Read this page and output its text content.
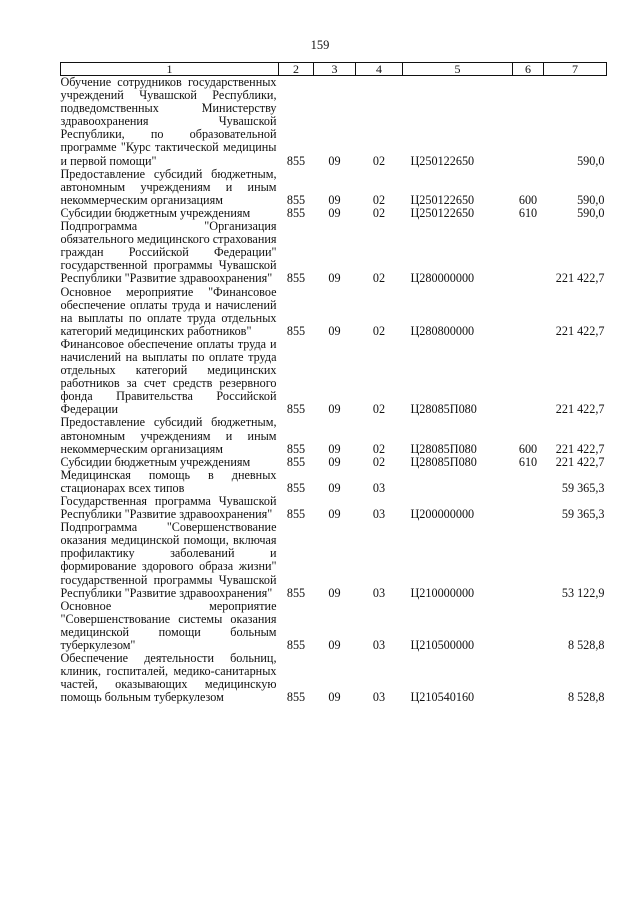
159
1	2	3	4	5	6	7
Обучение сотрудников государственных учреждений Чувашской Республики, подведомственных Министерству здравоохранения Чувашской Республики, по образовательной программе "Курс тактической медицины и первой помощи"	855	09	02	Ц250122650		590,0
Предоставление субсидий бюджетным, автономным учреждениям и иным некоммерческим организациям	855	09	02	Ц250122650	600	590,0
Субсидии бюджетным учреждениям	855	09	02	Ц250122650	610	590,0
Подпрограмма "Организация обязательного медицинского страхования граждан Российской Федерации" государственной программы Чувашской Республики "Развитие здравоохранения"	855	09	02	Ц280000000		221 422,7
Основное мероприятие "Финансовое обеспечение оплаты труда и начислений на выплаты по оплате труда отдельных категорий медицинских работников"	855	09	02	Ц280800000		221 422,7
Финансовое обеспечение оплаты труда и начислений на выплаты по оплате труда отдельных категорий медицинских работников за счет средств резервного фонда Правительства Российской Федерации	855	09	02	Ц28085П080		221 422,7
Предоставление субсидий бюджетным, автономным учреждениям и иным некоммерческим организациям	855	09	02	Ц28085П080	600	221 422,7
Субсидии бюджетным учреждениям	855	09	02	Ц28085П080	610	221 422,7
Медицинская помощь в дневных стационарах всех типов	855	09	03			59 365,3
Государственная программа Чувашской Республики "Развитие здравоохранения"	855	09	03	Ц200000000		59 365,3
Подпрограмма "Совершенствование оказания медицинской помощи, включая профилактику заболеваний и формирование здорового образа жизни" государственной программы Чувашской Республики "Развитие здравоохранения"	855	09	03	Ц210000000		53 122,9
Основное мероприятие "Совершенствование системы оказания медицинской помощи больным туберкулезом"	855	09	03	Ц210500000		8 528,8
Обеспечение деятельности больниц, клиник, госпиталей, медико-санитарных частей, оказывающих медицинскую помощь больным туберкулезом	855	09	03	Ц210540160		8 528,8
